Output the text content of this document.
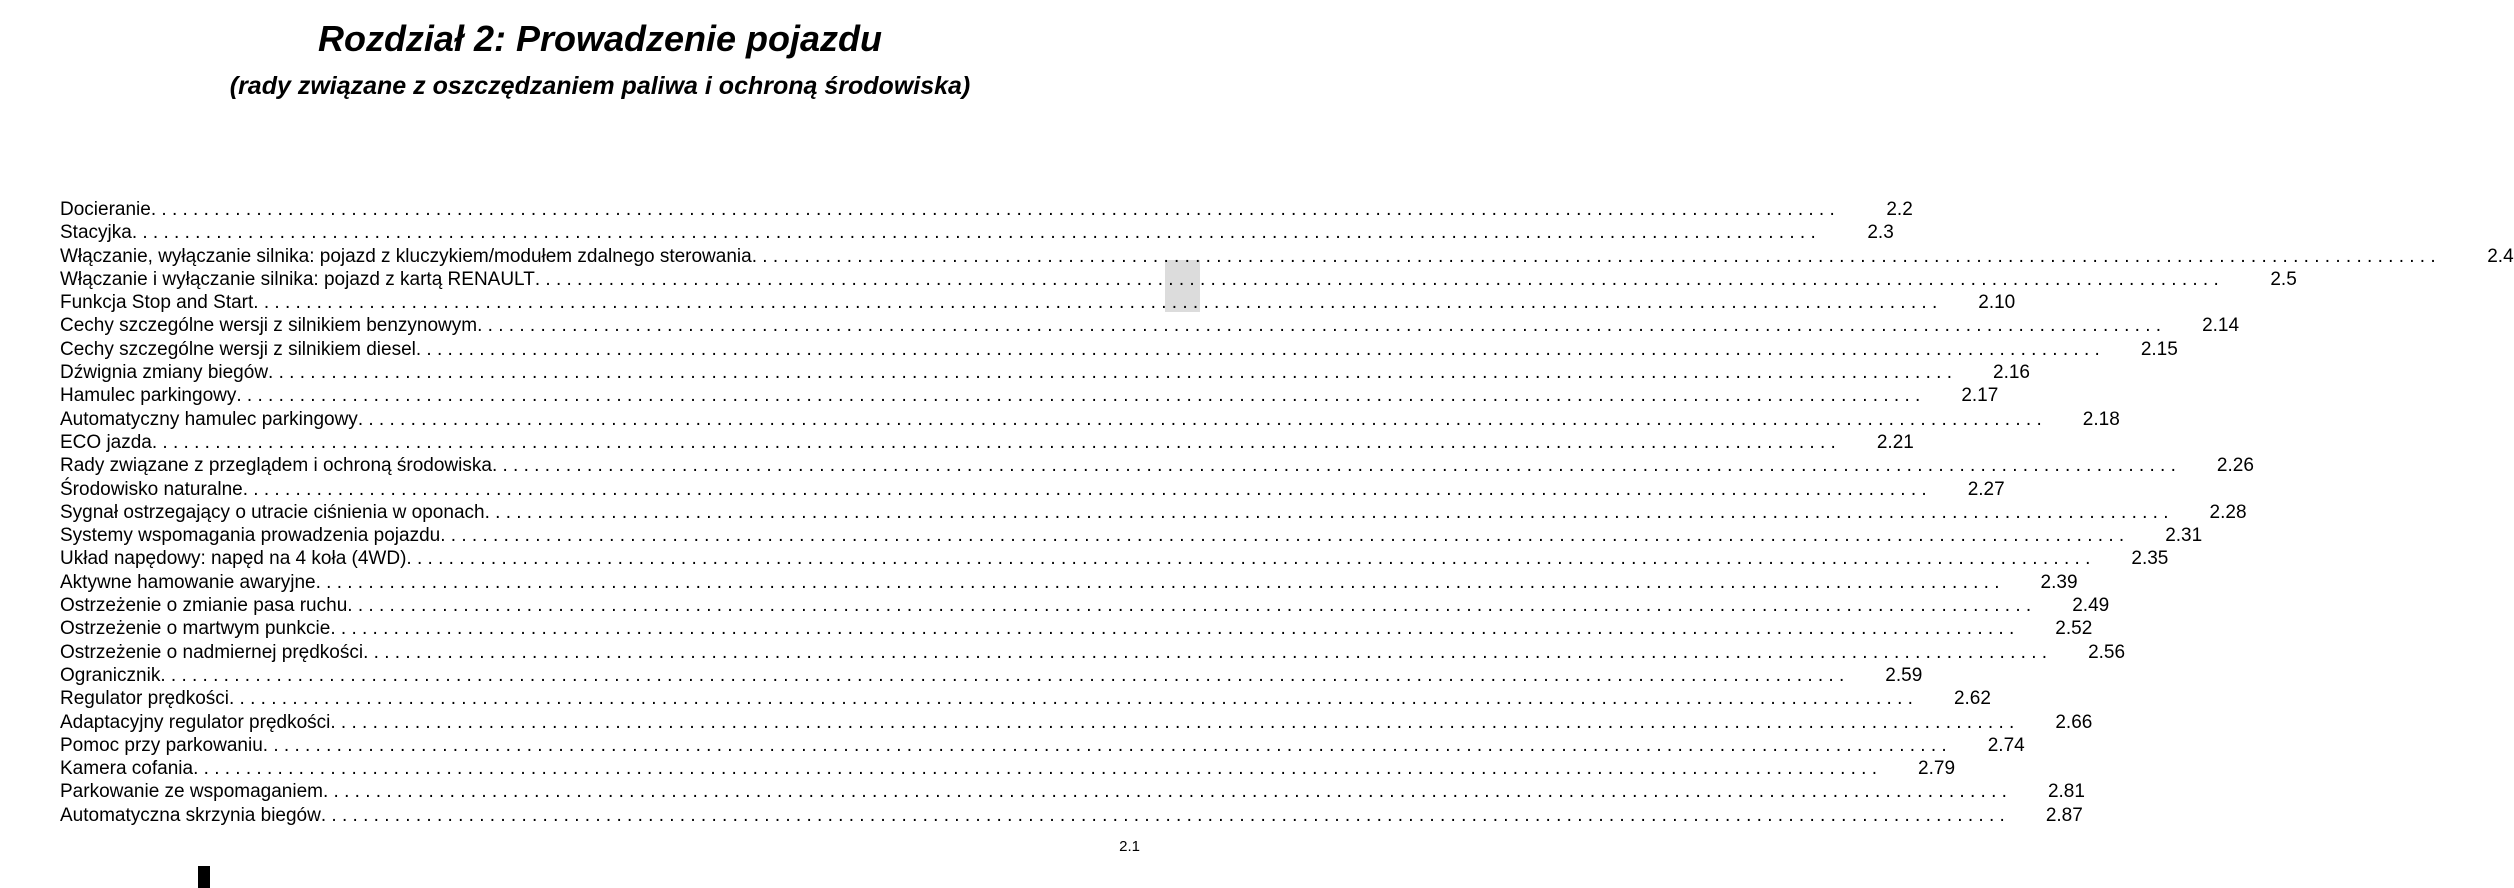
Rozdział 2: Prowadzenie pojazdu
(rady związane z oszczędzaniem paliwa i ochroną środowiska)
Docieranie . . . . . . . . . . . . . . . . . . . . . . . . . . . . . . . . . . . . . . . . . . . . . . . . . . . . . . . . . . . . . . . . . . . . . . . . . . . . . . . . . . . . . . . . . . . . . . . . . . . . . . . . . . . . . . . . . . . . . . . . . . . . . . . . . . . . . . . . . . . . . . . . . . . . . . . . . . . . . . . .	2.2
Stacyjka . . . . . . . . . . . . . . . . . . . . . . . . . . . . . . . . . . . . . . . . . . . . . . . . . . . . . . . . . . . . . . . . . . . . . . . . . . . . . . . . . . . . . . . . . . . . . . . . . . . . . . . . . . . . . . . . . . . . . . . . . . . . . . . . . . . . . . . . . . . . . . . . . . . . . . . . . . . . . . . .	2.3
Włączanie, wyłączanie silnika: pojazd z kluczykiem/modułem zdalnego sterowania . . . . . . . . . . . . . . . . . . . . . . . . . . . . . . . . . . . . . . . . . . . . . . . . . . . . . . . . . . . . . . . . . . . . . . . . . . . . . . . . . . . . . . . . . . . . . . . . . . . . . . . . . . . . . . . . . . . . . . . . . . . . . . . . . . . . . . . . . . . . . . . . . . . . . . . . . . . . . . . .	2.4
Włączanie i wyłączanie silnika: pojazd z kartą RENAULT . . . . . . . . . . . . . . . . . . . . . . . . . . . . . . . . . . . . . . . . . . . . . . . . . . . . . . . . . . . . . . . . . . . . . . . . . . . . . . . . . . . . . . . . . . . . . . . . . . . . . . . . . . . . . . . . . . . . . . . . . . . . . . . . . . . . . . . . . . . . . . . . . . . . . . . . . . . . . . . .	2.5
Funkcja Stop and Start . . . . . . . . . . . . . . . . . . . . . . . . . . . . . . . . . . . . . . . . . . . . . . . . . . . . . . . . . . . . . . . . . . . . . . . . . . . . . . . . . . . . . . . . . . . . . . . . . . . . . . . . . . . . . . . . . . . . . . . . . . . . . . . . . . . . . . . . . . . . . . . . . . . . . . . . . . . . . . . .	2.10
Cechy szczególne wersji z silnikiem benzynowym . . . . . . . . . . . . . . . . . . . . . . . . . . . . . . . . . . . . . . . . . . . . . . . . . . . . . . . . . . . . . . . . . . . . . . . . . . . . . . . . . . . . . . . . . . . . . . . . . . . . . . . . . . . . . . . . . . . . . . . . . . . . . . . . . . . . . . . . . . . . . . . . . . . . . . . . . . . . . . . .	2.14
Cechy szczególne wersji z silnikiem diesel . . . . . . . . . . . . . . . . . . . . . . . . . . . . . . . . . . . . . . . . . . . . . . . . . . . . . . . . . . . . . . . . . . . . . . . . . . . . . . . . . . . . . . . . . . . . . . . . . . . . . . . . . . . . . . . . . . . . . . . . . . . . . . . . . . . . . . . . . . . . . . . . . . . . . . . . . . . . . . . .	2.15
Dźwignia zmiany biegów . . . . . . . . . . . . . . . . . . . . . . . . . . . . . . . . . . . . . . . . . . . . . . . . . . . . . . . . . . . . . . . . . . . . . . . . . . . . . . . . . . . . . . . . . . . . . . . . . . . . . . . . . . . . . . . . . . . . . . . . . . . . . . . . . . . . . . . . . . . . . . . . . . . . . . . . . . . . . . . .	2.16
Hamulec parkingowy . . . . . . . . . . . . . . . . . . . . . . . . . . . . . . . . . . . . . . . . . . . . . . . . . . . . . . . . . . . . . . . . . . . . . . . . . . . . . . . . . . . . . . . . . . . . . . . . . . . . . . . . . . . . . . . . . . . . . . . . . . . . . . . . . . . . . . . . . . . . . . . . . . . . . . . . . . . . . . . .	2.17
Automatyczny hamulec parkingowy . . . . . . . . . . . . . . . . . . . . . . . . . . . . . . . . . . . . . . . . . . . . . . . . . . . . . . . . . . . . . . . . . . . . . . . . . . . . . . . . . . . . . . . . . . . . . . . . . . . . . . . . . . . . . . . . . . . . . . . . . . . . . . . . . . . . . . . . . . . . . . . . . . . . . . . . . . . . . . . .	2.18
ECO jazda . . . . . . . . . . . . . . . . . . . . . . . . . . . . . . . . . . . . . . . . . . . . . . . . . . . . . . . . . . . . . . . . . . . . . . . . . . . . . . . . . . . . . . . . . . . . . . . . . . . . . . . . . . . . . . . . . . . . . . . . . . . . . . . . . . . . . . . . . . . . . . . . . . . . . . . . . . . . . . . .	2.21
Rady związane z przeglądem i ochroną środowiska . . . . . . . . . . . . . . . . . . . . . . . . . . . . . . . . . . . . . . . . . . . . . . . . . . . . . . . . . . . . . . . . . . . . . . . . . . . . . . . . . . . . . . . . . . . . . . . . . . . . . . . . . . . . . . . . . . . . . . . . . . . . . . . . . . . . . . . . . . . . . . . . . . . . . . . . . . . . . . . .	2.26
Środowisko naturalne . . . . . . . . . . . . . . . . . . . . . . . . . . . . . . . . . . . . . . . . . . . . . . . . . . . . . . . . . . . . . . . . . . . . . . . . . . . . . . . . . . . . . . . . . . . . . . . . . . . . . . . . . . . . . . . . . . . . . . . . . . . . . . . . . . . . . . . . . . . . . . . . . . . . . . . . . . . . . . . .	2.27
Sygnał ostrzegający o utracie ciśnienia w oponach . . . . . . . . . . . . . . . . . . . . . . . . . . . . . . . . . . . . . . . . . . . . . . . . . . . . . . . . . . . . . . . . . . . . . . . . . . . . . . . . . . . . . . . . . . . . . . . . . . . . . . . . . . . . . . . . . . . . . . . . . . . . . . . . . . . . . . . . . . . . . . . . . . . . . . . . . . . . . . . .	2.28
Systemy wspomagania prowadzenia pojazdu . . . . . . . . . . . . . . . . . . . . . . . . . . . . . . . . . . . . . . . . . . . . . . . . . . . . . . . . . . . . . . . . . . . . . . . . . . . . . . . . . . . . . . . . . . . . . . . . . . . . . . . . . . . . . . . . . . . . . . . . . . . . . . . . . . . . . . . . . . . . . . . . . . . . . . . . . . . . . . . .	2.31
Układ napędowy: napęd na 4 koła (4WD) . . . . . . . . . . . . . . . . . . . . . . . . . . . . . . . . . . . . . . . . . . . . . . . . . . . . . . . . . . . . . . . . . . . . . . . . . . . . . . . . . . . . . . . . . . . . . . . . . . . . . . . . . . . . . . . . . . . . . . . . . . . . . . . . . . . . . . . . . . . . . . . . . . . . . . . . . . . . . . . .	2.35
Aktywne hamowanie awaryjne . . . . . . . . . . . . . . . . . . . . . . . . . . . . . . . . . . . . . . . . . . . . . . . . . . . . . . . . . . . . . . . . . . . . . . . . . . . . . . . . . . . . . . . . . . . . . . . . . . . . . . . . . . . . . . . . . . . . . . . . . . . . . . . . . . . . . . . . . . . . . . . . . . . . . . . . . . . . . . . .	2.39
Ostrzeżenie o zmianie pasa ruchu . . . . . . . . . . . . . . . . . . . . . . . . . . . . . . . . . . . . . . . . . . . . . . . . . . . . . . . . . . . . . . . . . . . . . . . . . . . . . . . . . . . . . . . . . . . . . . . . . . . . . . . . . . . . . . . . . . . . . . . . . . . . . . . . . . . . . . . . . . . . . . . . . . . . . . . . . . . . . . . .	2.49
Ostrzeżenie o martwym punkcie . . . . . . . . . . . . . . . . . . . . . . . . . . . . . . . . . . . . . . . . . . . . . . . . . . . . . . . . . . . . . . . . . . . . . . . . . . . . . . . . . . . . . . . . . . . . . . . . . . . . . . . . . . . . . . . . . . . . . . . . . . . . . . . . . . . . . . . . . . . . . . . . . . . . . . . . . . . . . . . .	2.52
Ostrzeżenie o nadmiernej prędkości . . . . . . . . . . . . . . . . . . . . . . . . . . . . . . . . . . . . . . . . . . . . . . . . . . . . . . . . . . . . . . . . . . . . . . . . . . . . . . . . . . . . . . . . . . . . . . . . . . . . . . . . . . . . . . . . . . . . . . . . . . . . . . . . . . . . . . . . . . . . . . . . . . . . . . . . . . . . . . . .	2.56
Ogranicznik . . . . . . . . . . . . . . . . . . . . . . . . . . . . . . . . . . . . . . . . . . . . . . . . . . . . . . . . . . . . . . . . . . . . . . . . . . . . . . . . . . . . . . . . . . . . . . . . . . . . . . . . . . . . . . . . . . . . . . . . . . . . . . . . . . . . . . . . . . . . . . . . . . . . . . . . . . . . . . . .	2.59
Regulator prędkości . . . . . . . . . . . . . . . . . . . . . . . . . . . . . . . . . . . . . . . . . . . . . . . . . . . . . . . . . . . . . . . . . . . . . . . . . . . . . . . . . . . . . . . . . . . . . . . . . . . . . . . . . . . . . . . . . . . . . . . . . . . . . . . . . . . . . . . . . . . . . . . . . . . . . . . . . . . . . . . .	2.62
Adaptacyjny regulator prędkości . . . . . . . . . . . . . . . . . . . . . . . . . . . . . . . . . . . . . . . . . . . . . . . . . . . . . . . . . . . . . . . . . . . . . . . . . . . . . . . . . . . . . . . . . . . . . . . . . . . . . . . . . . . . . . . . . . . . . . . . . . . . . . . . . . . . . . . . . . . . . . . . . . . . . . . . . . . . . . . .	2.66
Pomoc przy parkowaniu . . . . . . . . . . . . . . . . . . . . . . . . . . . . . . . . . . . . . . . . . . . . . . . . . . . . . . . . . . . . . . . . . . . . . . . . . . . . . . . . . . . . . . . . . . . . . . . . . . . . . . . . . . . . . . . . . . . . . . . . . . . . . . . . . . . . . . . . . . . . . . . . . . . . . . . . . . . . . . . .	2.74
Kamera cofania . . . . . . . . . . . . . . . . . . . . . . . . . . . . . . . . . . . . . . . . . . . . . . . . . . . . . . . . . . . . . . . . . . . . . . . . . . . . . . . . . . . . . . . . . . . . . . . . . . . . . . . . . . . . . . . . . . . . . . . . . . . . . . . . . . . . . . . . . . . . . . . . . . . . . . . . . . . . . . . .	2.79
Parkowanie ze wspomaganiem . . . . . . . . . . . . . . . . . . . . . . . . . . . . . . . . . . . . . . . . . . . . . . . . . . . . . . . . . . . . . . . . . . . . . . . . . . . . . . . . . . . . . . . . . . . . . . . . . . . . . . . . . . . . . . . . . . . . . . . . . . . . . . . . . . . . . . . . . . . . . . . . . . . . . . . . . . . . . . . .	2.81
Automatyczna skrzynia biegów . . . . . . . . . . . . . . . . . . . . . . . . . . . . . . . . . . . . . . . . . . . . . . . . . . . . . . . . . . . . . . . . . . . . . . . . . . . . . . . . . . . . . . . . . . . . . . . . . . . . . . . . . . . . . . . . . . . . . . . . . . . . . . . . . . . . . . . . . . . . . . . . . . . . . . . . . . . . . . . .	2.87
2.1
